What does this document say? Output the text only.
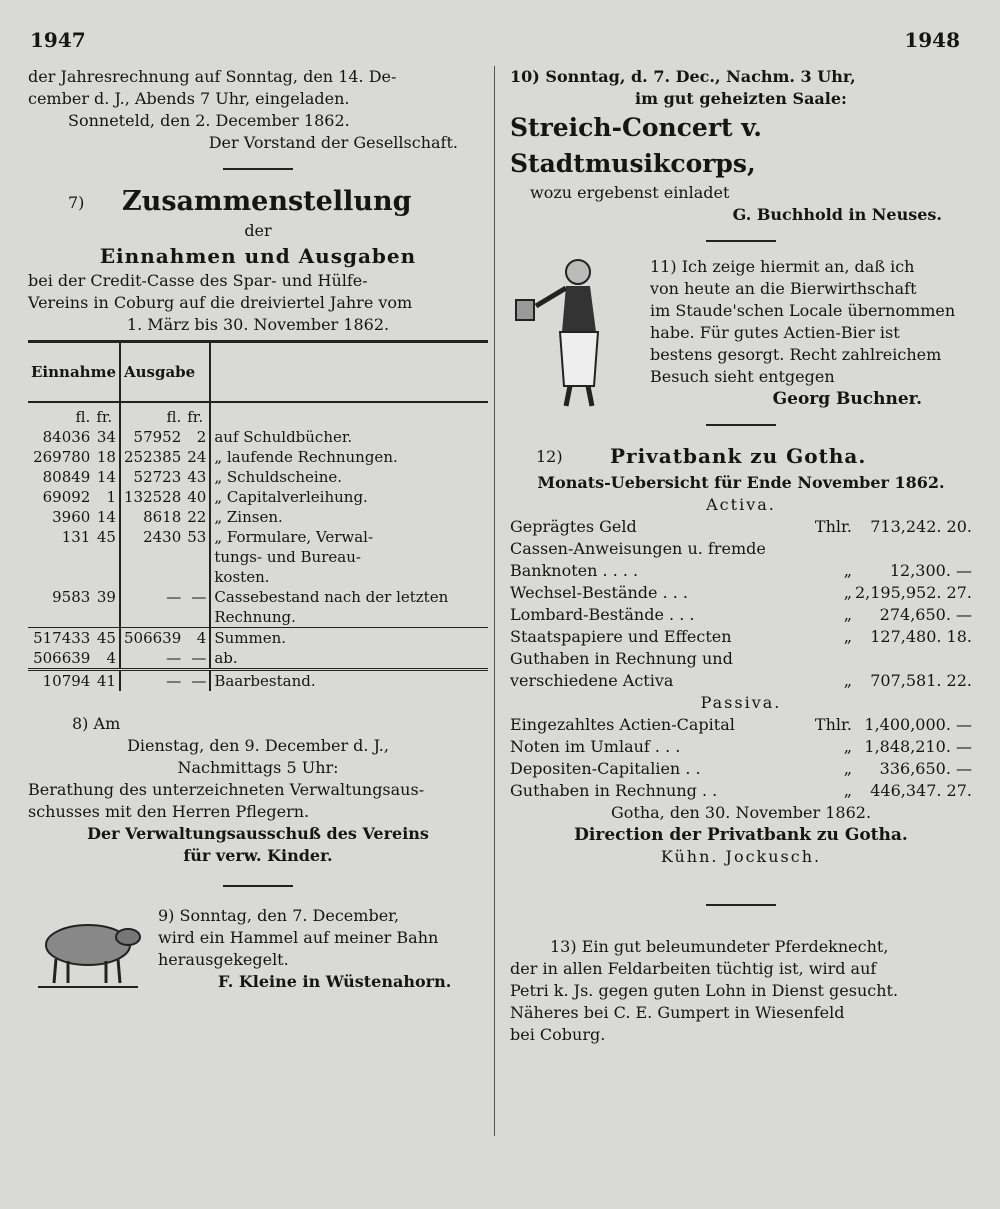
1947	1948

der Jahresrechnung auf Sonntag, den 14. De-

cember d. J., Abends 7 Uhr, eingeladen.

Sonneteld, den 2. December 1862.

Der Vorstand der Gesellschaft.

7) Zusammenstellung

der

Einnahmen und Ausgaben

bei der Credit-Casse des Spar- und Hülfe-

Vereins in Coburg auf die dreiviertel Jahre vom

1. März bis 30. November 1862.

Einnahme		Ausgabe		
fl.	fr.	fl.	fr.	
84036	34	57952	2	auf Schuldbücher.
269780	18	252385	24	„ laufende Rechnungen.
80849	14	52723	43	„ Schuldscheine.
69092	1	132528	40	„ Capitalverleihung.
3960	14	8618	22	„ Zinsen.
131	45	2430	53	„ Formulare, Verwal-
				tungs- und Bureau-
				kosten.
9583	39	—	—	Cassebestand nach der letzten
				Rechnung.
517433	45	506639	4	Summen.
506639	4	—	—	ab.
10794	41	—	—	Baarbestand.

8) Am

Dienstag, den 9. December d. J.,

Nachmittags 5 Uhr:

Berathung des unterzeichneten Verwaltungsaus-

schusses mit den Herren Pflegern.

Der Verwaltungsausschuß des Vereins

für verw. Kinder.

9) Sonntag, den 7. December,

wird ein Hammel auf meiner Bahn

herausgekegelt.

F. Kleine in Wüstenahorn.

10) Sonntag, d. 7. Dec., Nachm. 3 Uhr,

im gut geheizten Saale:

Streich-Concert v. Stadtmusikcorps,

wozu ergebenst einladet

G. Buchhold in Neuses.

11) Ich zeige hiermit an, daß ich

von heute an die Bierwirthschaft

im Staude'schen Locale übernommen

habe. Für gutes Actien-Bier ist

bestens gesorgt. Recht zahlreichem

Besuch sieht entgegen

Georg Buchner.

12) Privatbank zu Gotha.

Monats-Uebersicht für Ende November 1862.

Activa.

Geprägtes Geld	Thlr.	713,242. 20.
Cassen-Anweisungen u. fremde
Banknoten . . . .	„	12,300. —
Wechsel-Bestände . . .	„ 2,195,952. 27.
Lombard-Bestände . . .	„	274,650. —
Staatspapiere und Effecten	„	127,480. 18.
Guthaben in Rechnung und
verschiedene Activa	„	707,581. 22.

Passiva.

Eingezahltes Actien-Capital	Thlr. 1,400,000. —
Noten im Umlauf . . .	„ 1,848,210. —
Depositen-Capitalien . .	„	336,650. —
Guthaben in Rechnung . .	„	446,347. 27.

Gotha, den 30. November 1862.

Direction der Privatbank zu Gotha.

Kühn. Jockusch.

13) Ein gut beleumundeter Pferdeknecht,

der in allen Feldarbeiten tüchtig ist, wird auf

Petri k. Js. gegen guten Lohn in Dienst gesucht.

Näheres bei C. E. Gumpert in Wiesenfeld

bei Coburg.
